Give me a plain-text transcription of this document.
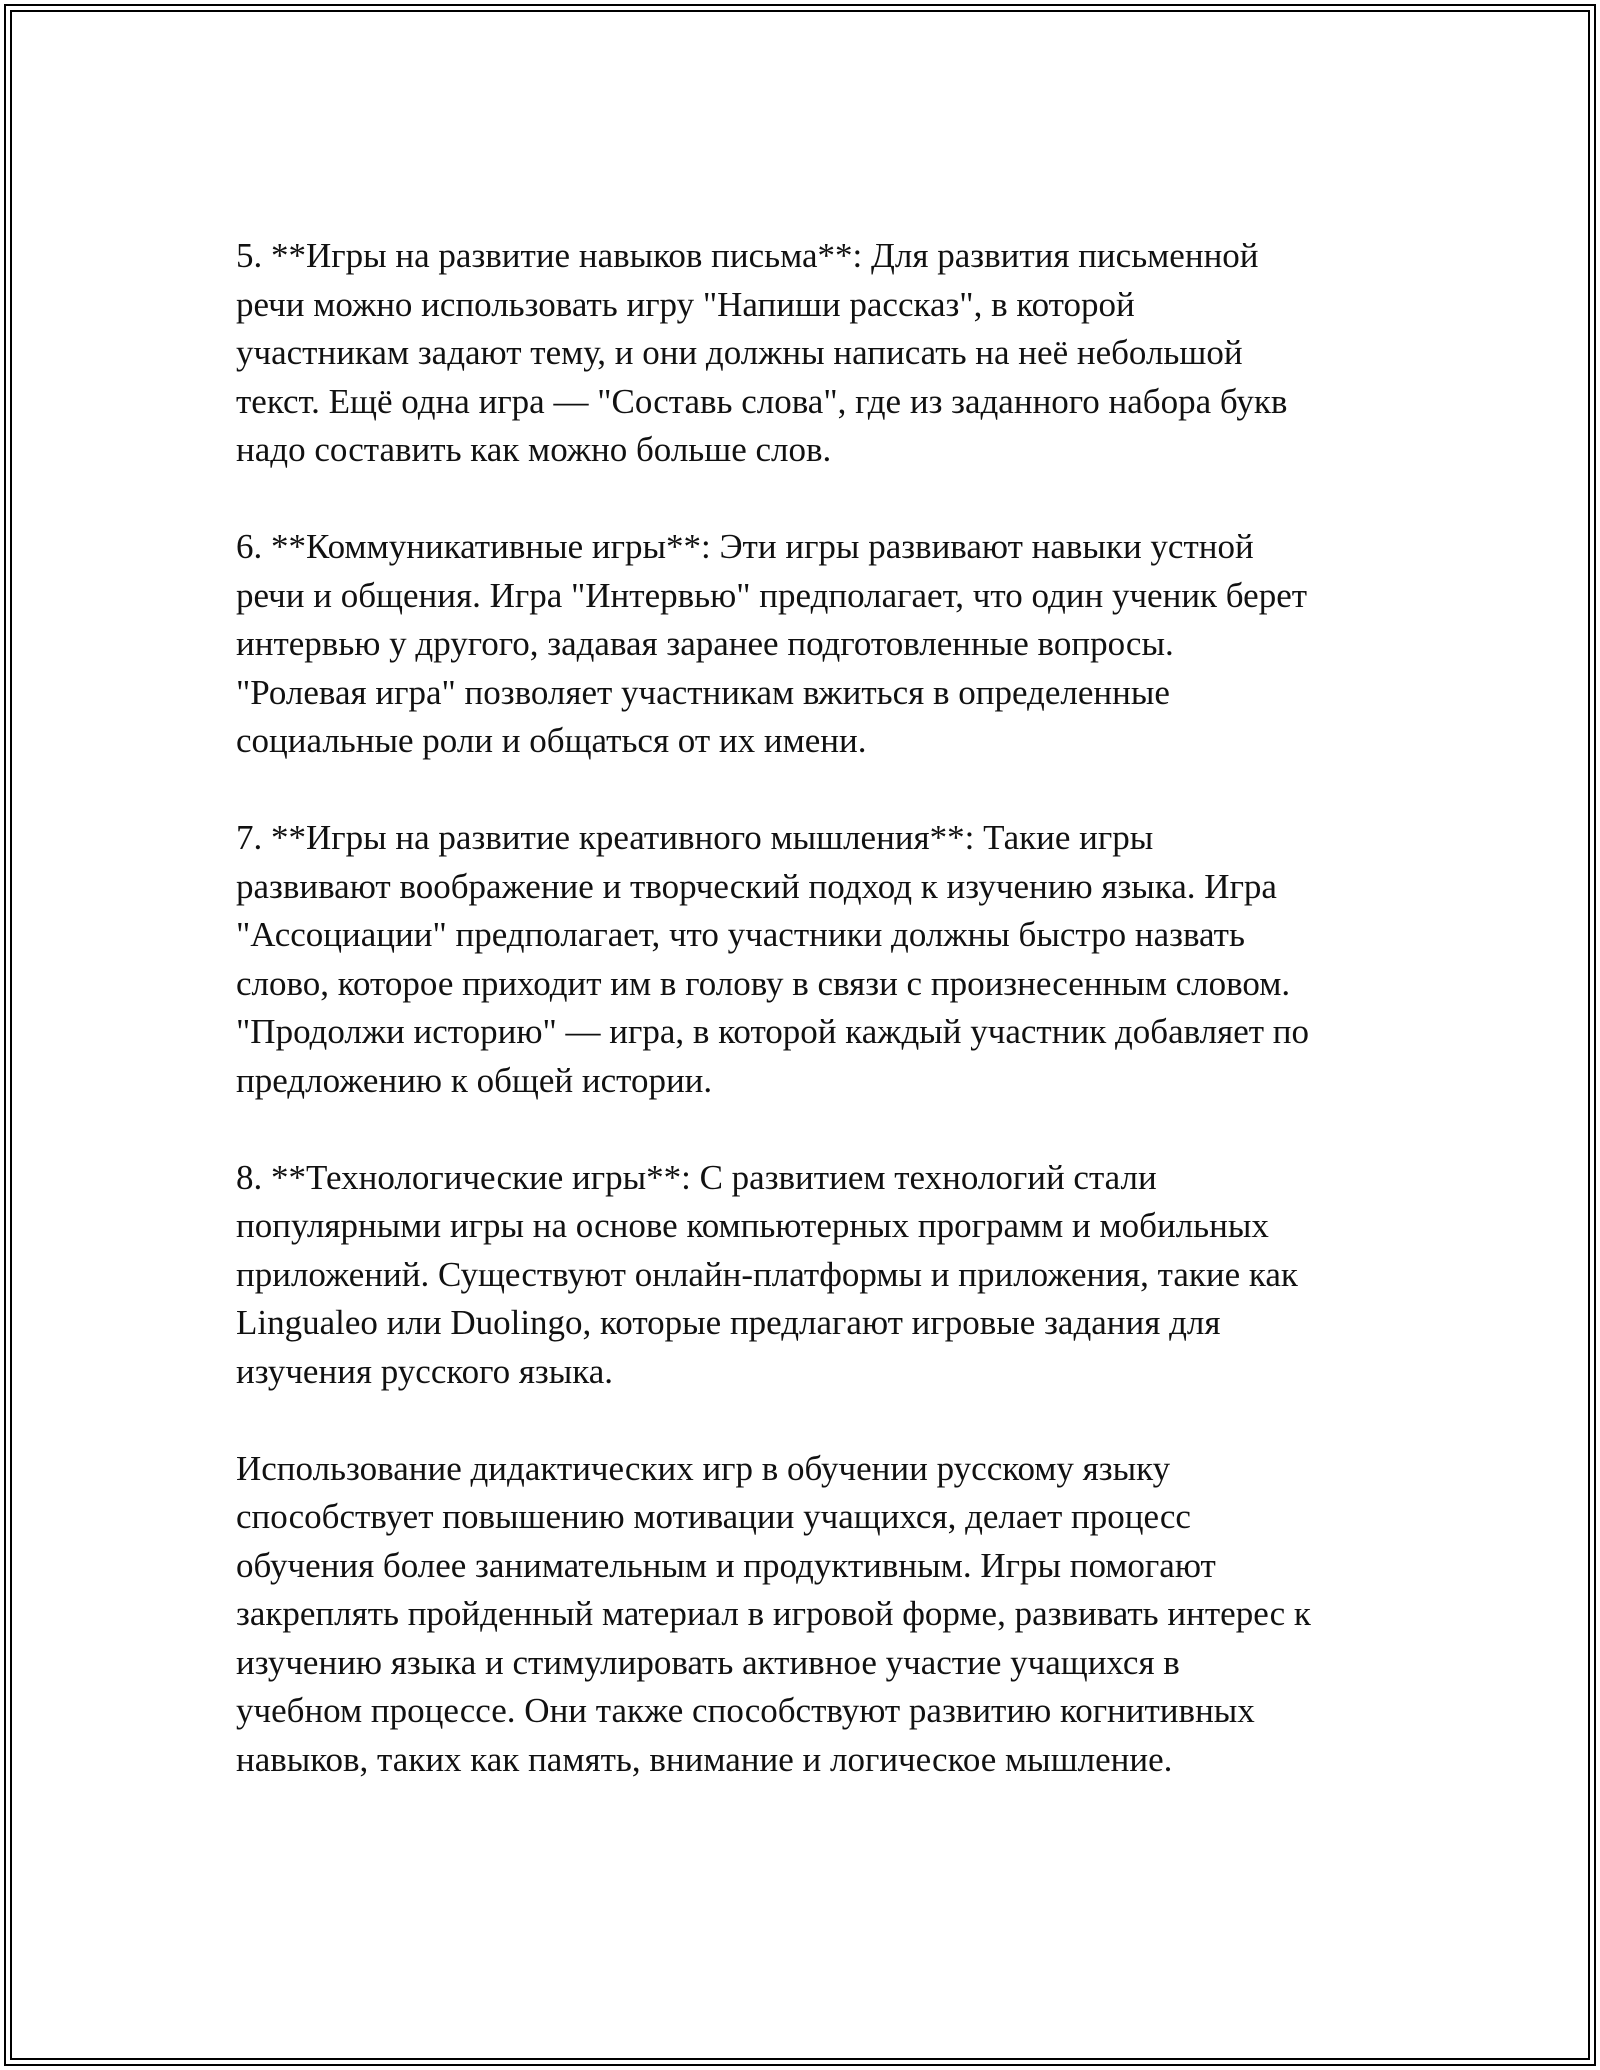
5. **Игры на развитие навыков письма**: Для развития письменной
речи можно использовать игру "Напиши рассказ", в которой
участникам задают тему, и они должны написать на неё небольшой
текст. Ещё одна игра — "Составь слова", где из заданного набора букв
надо составить как можно больше слов.

6. **Коммуникативные игры**: Эти игры развивают навыки устной
речи и общения. Игра "Интервью" предполагает, что один ученик берет
интервью у другого, задавая заранее подготовленные вопросы.
"Ролевая игра" позволяет участникам вжиться в определенные
социальные роли и общаться от их имени.

7. **Игры на развитие креативного мышления**: Такие игры
развивают воображение и творческий подход к изучению языка. Игра
"Ассоциации" предполагает, что участники должны быстро назвать
слово, которое приходит им в голову в связи с произнесенным словом.
"Продолжи историю" — игра, в которой каждый участник добавляет по
предложению к общей истории.

8. **Технологические игры**: С развитием технологий стали
популярными игры на основе компьютерных программ и мобильных
приложений. Существуют онлайн-платформы и приложения, такие как
Lingualeo или Duolingo, которые предлагают игровые задания для
изучения русского языка.

Использование дидактических игр в обучении русскому языку
способствует повышению мотивации учащихся, делает процесс
обучения более занимательным и продуктивным. Игры помогают
закреплять пройденный материал в игровой форме, развивать интерес к
изучению языка и стимулировать активное участие учащихся в
учебном процессе. Они также способствуют развитию когнитивных
навыков, таких как память, внимание и логическое мышление.
